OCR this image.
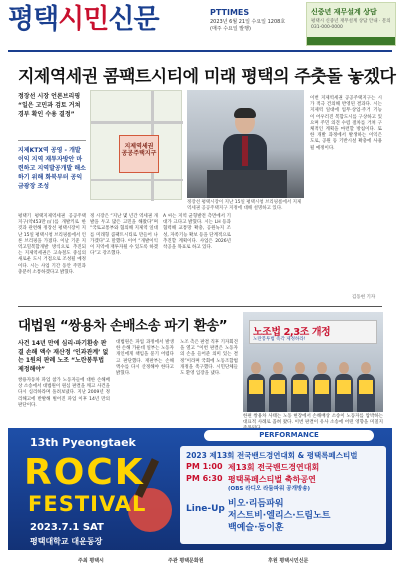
평택시민신문	PTTIMES
2023년 6월 21일 수요일 1208호 (매주 수요일 발행)
신중년 재무설계 상담
평택시 신중년 재무설계 상담 안내 · 문의 031-000-0000
지제역세권 콤팩트시티에 미래 평택의 주춧돌 놓겠다
정장선 시장 언론브리핑 “일은 고민과 검토 거쳐 경부 확인 수용 결정”
지제KTX역 공영 - 개발이익 지역 재투자방안 마련하고 지역발공개발 해소하기 위해 화북부터 공익금광장 조성
지제역세권 공공주택지구
정장선 평택시장이 지난 15일 평택시청 브리핑룸에서 지제역세권 공공주택지구 지정에 대해 설명하고 있다.
평택기 평택지제역세권 공공주택지구(약453만㎡)를 개발키로 한 것과 관련해 정장선 평택시장이 지난 15일 평택시청 브리핑룸에서 언론 브리핑을 가졌다. 이날 기준 지역고밀복합개발 방식으로 추진되는 지제역세권은 고속철도 중심의 새로운 도시 거점으로 조성될 예정이다. 시는 사업 기간 동안 주민과 충분히 소통하겠다고 밝혔다.
정 시장은 “지난 몇 년간 역세권 개발을 두고 많은 고민을 해왔다”며 “국토교통부와 협의해 지제역 일대를 미래형 콤팩트시티로 만들어 나가겠다”고 말했다. 이어 “개발이익이 지역에 재투자될 수 있도록 하겠다”고 강조했다.
A 씨는 지역 균형발전 측면에서 기대가 크다고 밝혔다. 시는 LH 등과 협력해 교통망 확충, 공원녹지 조성, 자족기능 확보 등을 단계적으로 추진할 계획이다. 사업은 2026년 착공을 목표로 하고 있다.
이번 지제역세권 공공주택지구는 시가 적극 건의해 반영된 결과다. 시는 지제역 일대에 업무·상업·주거 기능이 어우러진 복합도시를 구상하고 있으며 주민 의견 수렴 절차를 거쳐 구체적인 계획을 마련할 방침이다. 또한 개발 과정에서 발생하는 이익은 도로, 공원 등 기반시설 확충에 사용될 예정이다.
김동현 기자
대법원 “쌍용차 손배소송 파기 환송”
사건 14년 만에 심리·파기환송 판결 손해 액수 재산정 ‘인과관계’ 없는 1원의 판례 노조 “노란봉투법 제정해야”
쌍용자동차 파업 참가 노동자들에 대한 손해배상 소송에서 대법원이 원심 판결을 깨고 사건을 다시 심리하라며 돌려보냈다. 지난 2009년 정리해고에 반발해 벌어진 파업 이후 14년 만의 판단이다.
대법원은 파업 과정에서 발생한 손해 가운데 일부는 노동자 개인에게 책임을 묻기 어렵다고 판단했다. 재판부는 손해 액수를 다시 산정해야 한다고 밝혔다.
노조 측은 판결 직후 기자회견을 열고 “이번 판결은 노동자의 손을 들어준 의미 있는 결정”이라며 국회에 노동조합법 개정을 촉구했다. 시민단체들도 환영 입장을 냈다.
한편 쌍용차 사태는 노동 현장에서 손해배상 소송이 노동자를 압박하는 대표적 사례로 꼽혀 왔다. 이번 판결이 유사 소송에 어떤 영향을 미칠지
노조법 2,3조 개정
노란봉투법 즉각 제정하라!
13th Pyeongtaek
ROCK
FESTIVAL
2023.7.1 SAT
평택대학교 대운동장
PERFORMANCE
2023 제13회 전국밴드경연대회 & 평택록페스티벌
PM 1:00 제13회 전국밴드경연대회
PM 6:30 평택록페스티벌 축하공연
(OBS 라디오 라듐파워 공개방송)
Line-Up 비오·리듬파워
저스트비·엘리스·드림노트
백예슬·동이훈
주최 평택시	주관 평택문화원	후원 평택시민신문
